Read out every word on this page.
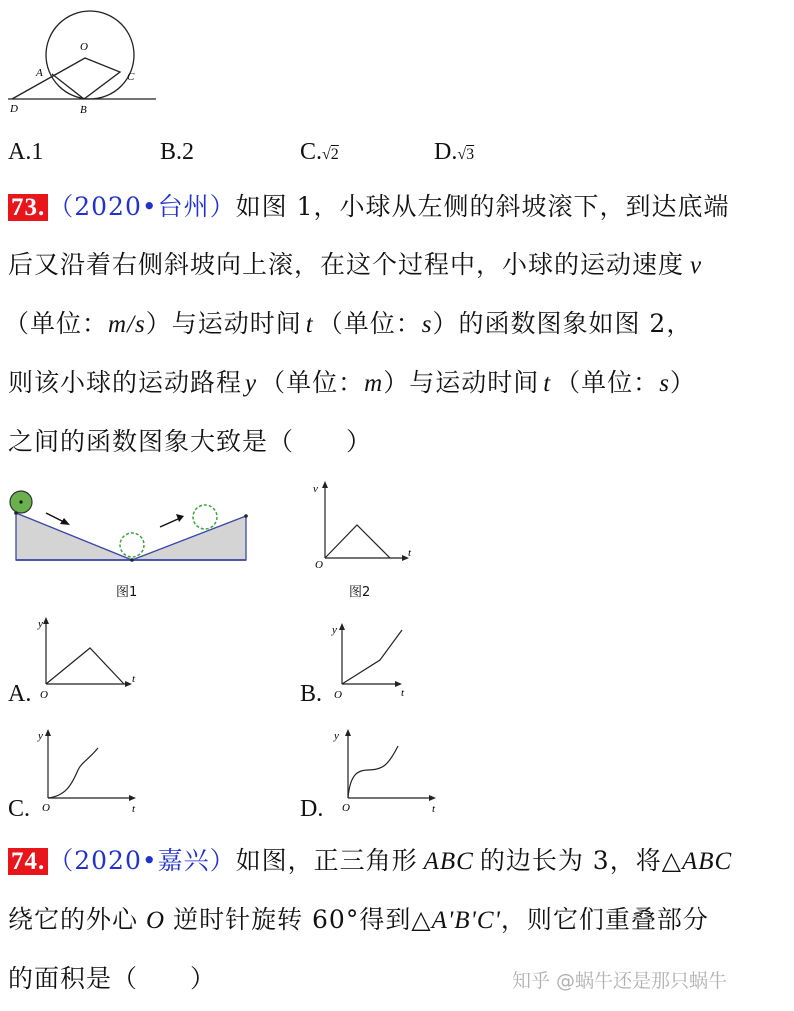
O
A
B
C
D
A.1	B.2	C.√2	D.√3
73. （2020•台州）如图 1，小球从左侧的斜坡滚下，到达底端
后又沿着右侧斜坡向上滚，在这个过程中，小球的运动速度 v
（单位：m/s）与运动时间 t （单位：s）的函数图象如图 2，
则该小球的运动路程 y （单位：m）与运动时间 t （单位：s）
之间的函数图象大致是（　　）
图1
v
t
O
图2
A.
y
t
O	B.
y
t
O
C.
y
t
O	D.
y
t
O
74. （2020•嘉兴）如图，正三角形 ABC 的边长为 3，将△ABC
绕它的外心 O 逆时针旋转 60°得到△A'B'C'，则它们重叠部分
的面积是（　　）	知乎 @蜗牛还是那只蜗牛
